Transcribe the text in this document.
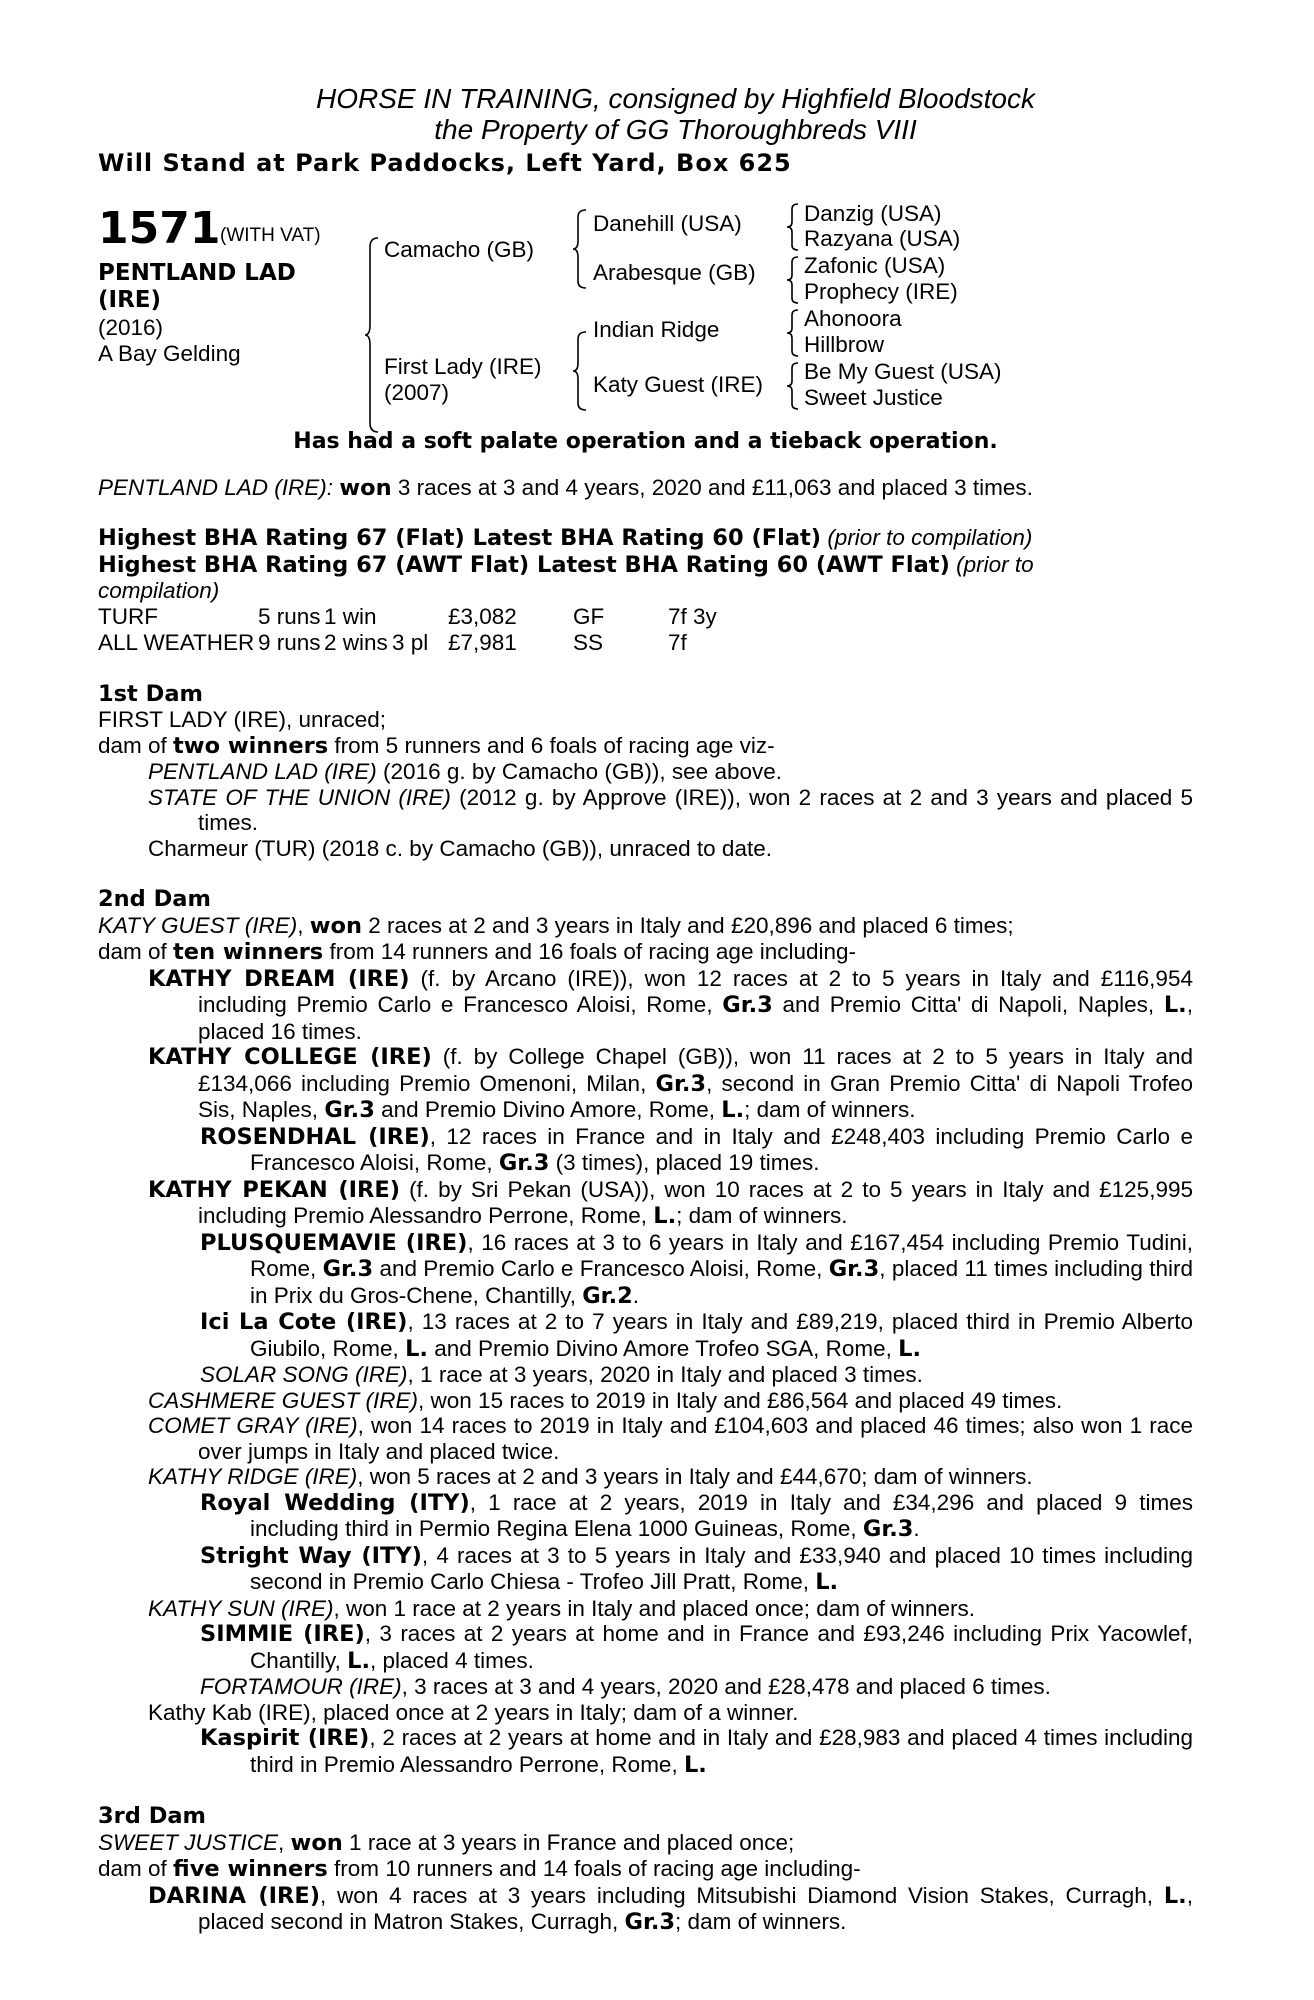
HORSE IN TRAINING, consigned by Highfield Bloodstock
the Property of GG Thoroughbreds VIII
Will Stand at Park Paddocks, Left Yard, Box 625
1571 (WITH VAT)
PENTLAND LAD
(IRE)
(2016)
A Bay Gelding
Camacho (GB)
First Lady (IRE)
(2007)
Danehill (USA)
Arabesque (GB)
Indian Ridge
Katy Guest (IRE)
Danzig (USA)
Razyana (USA)
Zafonic (USA)
Prophecy (IRE)
Ahonoora
Hillbrow
Be My Guest (USA)
Sweet Justice
Has had a soft palate operation and a tieback operation.

PENTLAND LAD (IRE): won 3 races at 3 and 4 years, 2020 and £11,063 and placed 3 times.

Highest BHA Rating 67 (Flat) Latest BHA Rating 60 (Flat) (prior to compilation)

Highest BHA Rating 67 (AWT Flat) Latest BHA Rating 60 (AWT Flat) (prior to

compilation)

TURF	5 runs 1 win	£3,082 GF	7f 3y
ALL WEATHER 9 runs 2 wins 3 pl £7,981 SS	7f

1st Dam

FIRST LADY (IRE), unraced;

dam of two winners from 5 runners and 6 foals of racing age viz-

PENTLAND LAD (IRE) (2016 g. by Camacho (GB)), see above.

STATE OF THE UNION (IRE) (2012 g. by Approve (IRE)), won 2 races at 2 and 3 years and placed 5 times.

Charmeur (TUR) (2018 c. by Camacho (GB)), unraced to date.

2nd Dam

KATY GUEST (IRE), won 2 races at 2 and 3 years in Italy and £20,896 and placed 6 times;

dam of ten winners from 14 runners and 16 foals of racing age including-

KATHY DREAM (IRE) (f. by Arcano (IRE)), won 12 races at 2 to 5 years in Italy and £116,954 including Premio Carlo e Francesco Aloisi, Rome, Gr.3 and Premio Citta' di Napoli, Naples, L., placed 16 times.

KATHY COLLEGE (IRE) (f. by College Chapel (GB)), won 11 races at 2 to 5 years in Italy and £134,066 including Premio Omenoni, Milan, Gr.3, second in Gran Premio Citta' di Napoli Trofeo Sis, Naples, Gr.3 and Premio Divino Amore, Rome, L.; dam of winners.

ROSENDHAL (IRE), 12 races in France and in Italy and £248,403 including Premio Carlo e Francesco Aloisi, Rome, Gr.3 (3 times), placed 19 times.

KATHY PEKAN (IRE) (f. by Sri Pekan (USA)), won 10 races at 2 to 5 years in Italy and £125,995 including Premio Alessandro Perrone, Rome, L.; dam of winners.

PLUSQUEMAVIE (IRE), 16 races at 3 to 6 years in Italy and £167,454 including Premio Tudini, Rome, Gr.3 and Premio Carlo e Francesco Aloisi, Rome, Gr.3, placed 11 times including third in Prix du Gros-Chene, Chantilly, Gr.2.

Ici La Cote (IRE), 13 races at 2 to 7 years in Italy and £89,219, placed third in Premio Alberto Giubilo, Rome, L. and Premio Divino Amore Trofeo SGA, Rome, L.

SOLAR SONG (IRE), 1 race at 3 years, 2020 in Italy and placed 3 times.

CASHMERE GUEST (IRE), won 15 races to 2019 in Italy and £86,564 and placed 49 times.

COMET GRAY (IRE), won 14 races to 2019 in Italy and £104,603 and placed 46 times; also won 1 race over jumps in Italy and placed twice.

KATHY RIDGE (IRE), won 5 races at 2 and 3 years in Italy and £44,670; dam of winners.

Royal Wedding (ITY), 1 race at 2 years, 2019 in Italy and £34,296 and placed 9 times including third in Permio Regina Elena 1000 Guineas, Rome, Gr.3.

Stright Way (ITY), 4 races at 3 to 5 years in Italy and £33,940 and placed 10 times including second in Premio Carlo Chiesa - Trofeo Jill Pratt, Rome, L.

KATHY SUN (IRE), won 1 race at 2 years in Italy and placed once; dam of winners.

SIMMIE (IRE), 3 races at 2 years at home and in France and £93,246 including Prix Yacowlef, Chantilly, L., placed 4 times.

FORTAMOUR (IRE), 3 races at 3 and 4 years, 2020 and £28,478 and placed 6 times.

Kathy Kab (IRE), placed once at 2 years in Italy; dam of a winner.

Kaspirit (IRE), 2 races at 2 years at home and in Italy and £28,983 and placed 4 times including third in Premio Alessandro Perrone, Rome, L.

3rd Dam

SWEET JUSTICE, won 1 race at 3 years in France and placed once;

dam of five winners from 10 runners and 14 foals of racing age including-

DARINA (IRE), won 4 races at 3 years including Mitsubishi Diamond Vision Stakes, Curragh, L., placed second in Matron Stakes, Curragh, Gr.3; dam of winners.
